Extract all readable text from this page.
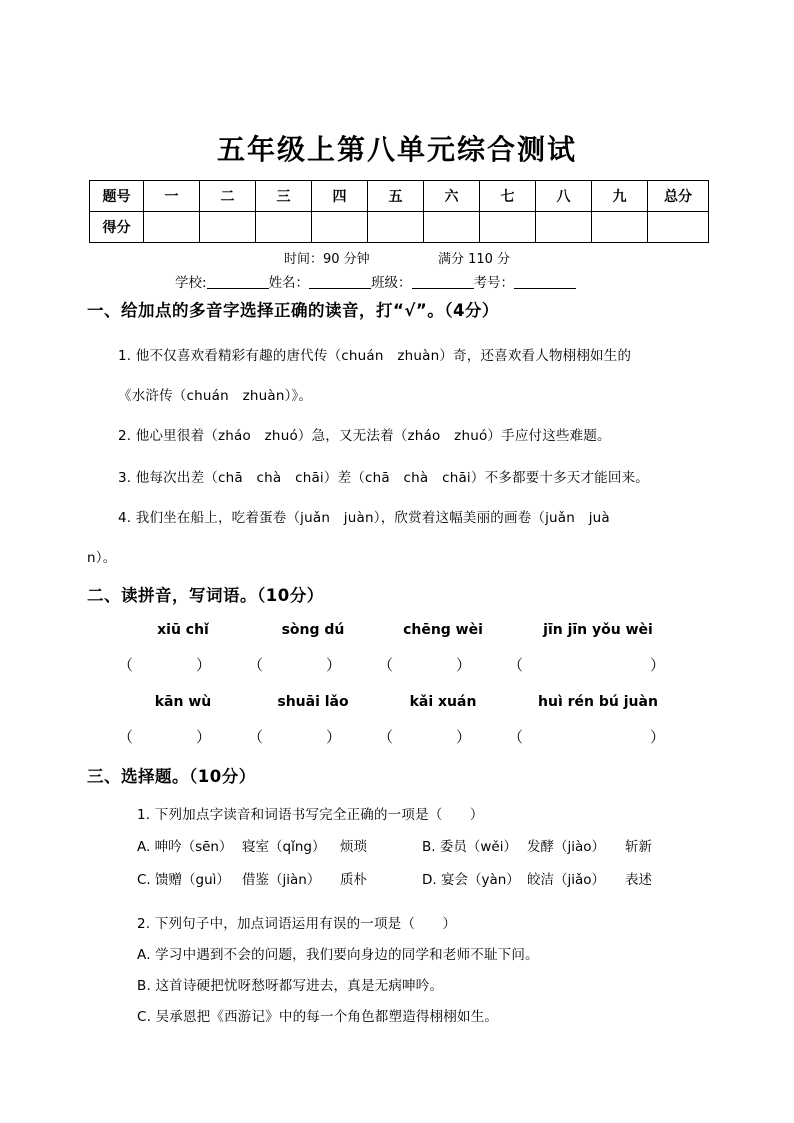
五年级上第八单元综合测试
题号	一	二	三	四	五	六	七	八	九	总分
得分										
时间：90 分钟	满分 110 分
学校:	姓名：	班级：	考号：
一、给加点的多音字选择正确的读音，打“√”。（4分）
1. 他不仅喜欢看精彩有趣的唐代传（chuán　zhuàn）奇，还喜欢看人物栩栩如生的
《水浒传（chuán　zhuàn）》。
2. 他心里很着（zháo　zhuó）急，又无法着（zháo　zhuó）手应付这些难题。
3. 他每次出差（chā　chà　chāi）差（chā　chà　chāi）不多都要十多天才能回来。
4. 我们坐在船上，吃着蛋卷（juǎn　juàn），欣赏着这幅美丽的画卷（juǎn　juà
n）。
二、读拼音，写词语。（10分）
xiū chǐ	sòng dú	chēng wèi	jīn jīn yǒu wèi
（	） （	） （	） （	）
kān wù	shuāi lǎo	kǎi xuán	huì rén bú juàn
（	） （	） （	） （	）
三、选择题。（10分）
1. 下列加点字读音和词语书写完全正确的一项是（　　）
A. 呻吟（sēn） 寝室（qǐng） 烦琐	B. 委员（wěi） 发酵（jiào） 斩新
C. 馈赠（guì） 借鉴（jiàn） 质朴	D. 宴会（yàn） 皎洁（jiǎo） 表述
2. 下列句子中，加点词语运用有误的一项是（　　）
A. 学习中遇到不会的问题，我们要向身边的同学和老师不耻下问。
B. 这首诗硬把忧呀愁呀都写进去，真是无病呻吟。
C. 吴承恩把《西游记》中的每一个角色都塑造得栩栩如生。
